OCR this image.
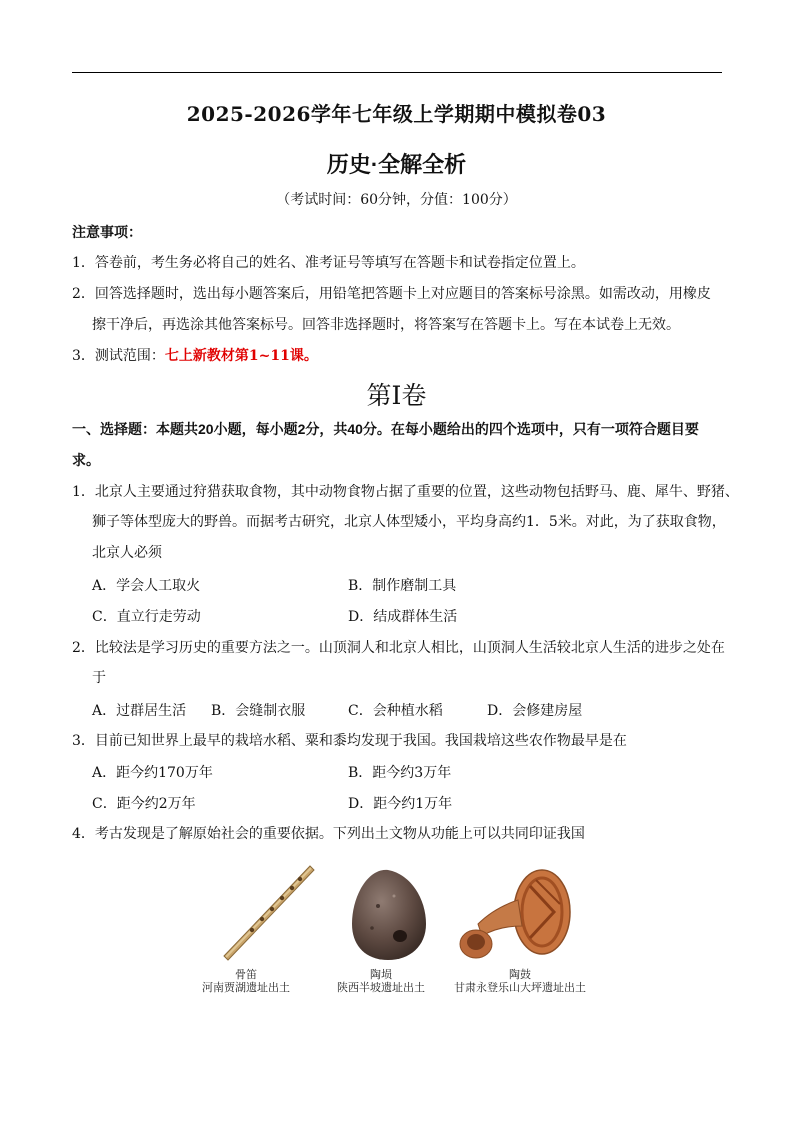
2025-2026学年七年级上学期期中模拟卷03
历史·全解全析
（考试时间：60分钟，分值：100分）
注意事项：
1．答卷前，考生务必将自己的姓名、准考证号等填写在答题卡和试卷指定位置上。
2．回答选择题时，选出每小题答案后，用铅笔把答题卡上对应题目的答案标号涂黑。如需改动，用橡皮
擦干净后，再选涂其他答案标号。回答非选择题时，将答案写在答题卡上。写在本试卷上无效。
3．测试范围：七上新教材第1~11课。
第Ⅰ卷
一、选择题：本题共20小题，每小题2分，共40分。在每小题给出的四个选项中，只有一项符合题目要
求。
1．北京人主要通过狩猎获取食物，其中动物食物占据了重要的位置，这些动物包括野马、鹿、犀牛、野猪、
狮子等体型庞大的野兽。而据考古研究，北京人体型矮小，平均身高约1．5米。对此，为了获取食物，
北京人必须
A．学会人工取火	B．制作磨制工具
C．直立行走劳动	D．结成群体生活
2．比较法是学习历史的重要方法之一。山顶洞人和北京人相比，山顶洞人生活较北京人生活的进步之处在
于
A．过群居生活 B．会缝制衣服	C．会种植水稻	D．会修建房屋
3．目前已知世界上最早的栽培水稻、粟和黍均发现于我国。我国栽培这些农作物最早是在
A．距今约170万年	B．距今约3万年
C．距今约2万年	D．距今约1万年
4．考古发现是了解原始社会的重要依据。下列出土文物从功能上可以共同印证我国
骨笛
河南贾湖遗址出土
陶埙
陕西半坡遗址出土
陶鼓
甘肃永登乐山大坪遗址出土
